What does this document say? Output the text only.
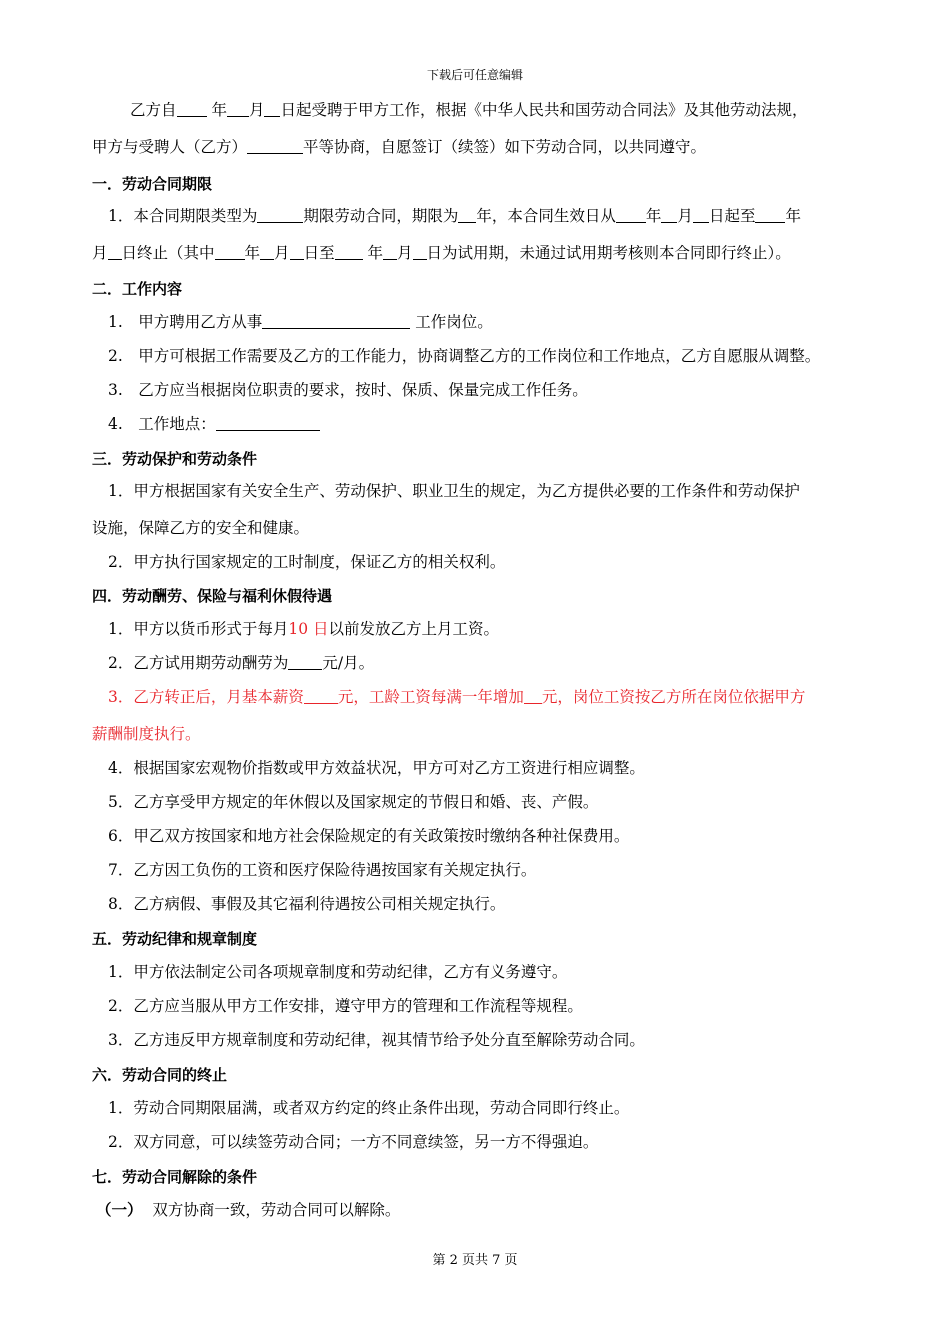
下载后可任意编辑
乙方自 年 月 日起受聘于甲方工作，根据《中华人民共和国劳动合同法》及其他劳动法规，
甲方与受聘人（乙方）	平等协商，自愿签订（续签）如下劳动合同，以共同遵守。
一．劳动合同期限
1．本合同期限类型为	期限劳动合同，期限为 年，本合同生效日从 年 月 日起至 年
月 日终止（其中 年 月 日至 年 月 日为试用期，未通过试用期考核则本合同即行终止）。
二．工作内容
1.　甲方聘用乙方从事	工作岗位。
2.　甲方可根据工作需要及乙方的工作能力，协商调整乙方的工作岗位和工作地点，乙方自愿服从调整。
3.　乙方应当根据岗位职责的要求，按时、保质、保量完成工作任务。
4.　工作地点：
三．劳动保护和劳动条件
1．甲方根据国家有关安全生产、劳动保护、职业卫生的规定，为乙方提供必要的工作条件和劳动保护
设施，保障乙方的安全和健康。
2．甲方执行国家规定的工时制度，保证乙方的相关权利。
四．劳动酬劳、保险与福利休假待遇
1．甲方以货币形式于每月10 日以前发放乙方上月工资。
2．乙方试用期劳动酬劳为 元/月。
3．乙方转正后，月基本薪资 元，工龄工资每满一年增加 元，岗位工资按乙方所在岗位依据甲方
薪酬制度执行。
4．根据国家宏观物价指数或甲方效益状况，甲方可对乙方工资进行相应调整。
5．乙方享受甲方规定的年休假以及国家规定的节假日和婚、丧、产假。
6．甲乙双方按国家和地方社会保险规定的有关政策按时缴纳各种社保费用。
7．乙方因工负伤的工资和医疗保险待遇按国家有关规定执行。
8．乙方病假、事假及其它福利待遇按公司相关规定执行。
五．劳动纪律和规章制度
1．甲方依法制定公司各项规章制度和劳动纪律，乙方有义务遵守。
2．乙方应当服从甲方工作安排，遵守甲方的管理和工作流程等规程。
3．乙方违反甲方规章制度和劳动纪律，视其情节给予处分直至解除劳动合同。
六．劳动合同的终止
1．劳动合同期限届满，或者双方约定的终止条件出现，劳动合同即行终止。
2．双方同意，可以续签劳动合同；一方不同意续签，另一方不得强迫。
七．劳动合同解除的条件
（一） 双方协商一致，劳动合同可以解除。
第 2 页共 7 页
